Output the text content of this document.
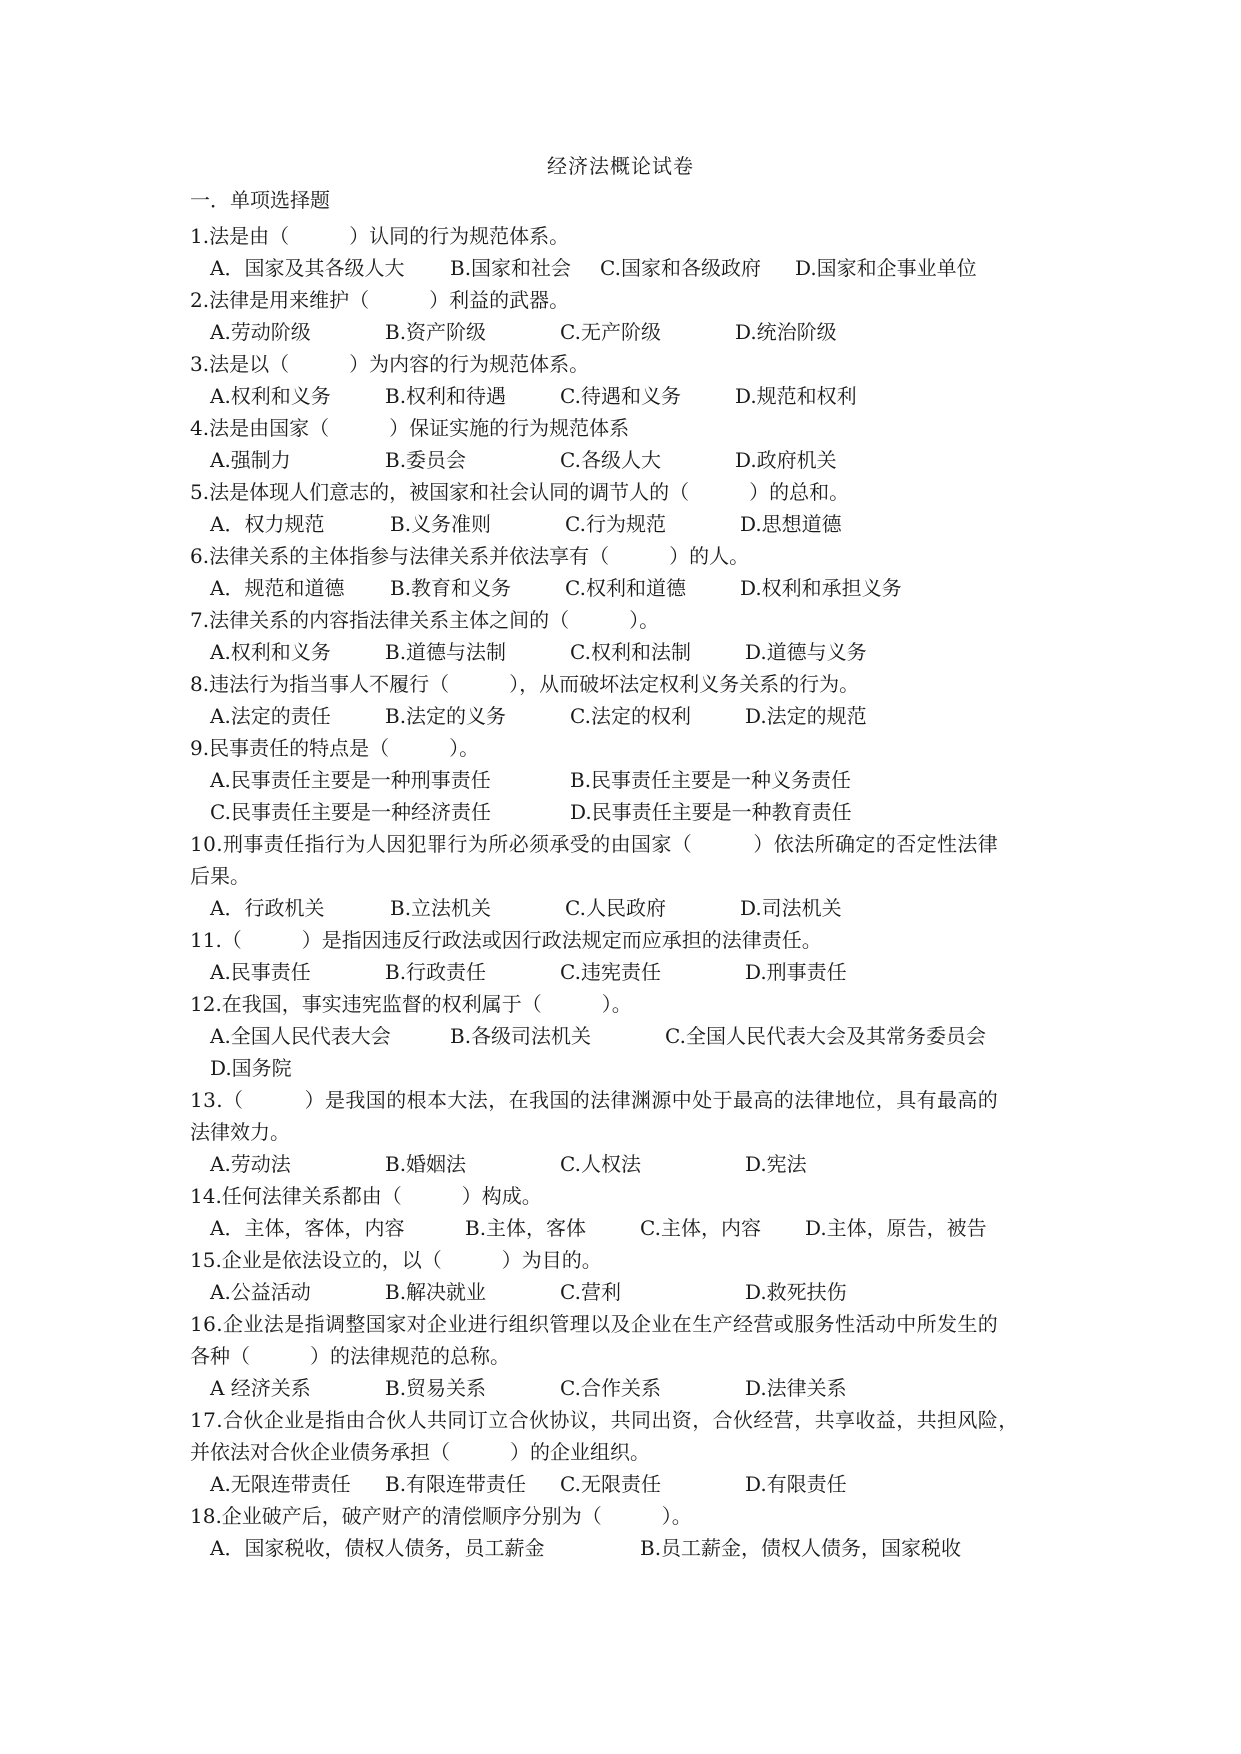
经济法概论试卷
一．单项选择题
1.法是由（　　　）认同的行为规范体系。
A．国家及其各级人大 B.国家和社会 C.国家和各级政府 D.国家和企事业单位
2.法律是用来维护（　　　）利益的武器。
A.劳动阶级	B.资产阶级	C.无产阶级	D.统治阶级
3.法是以（　　　）为内容的行为规范体系。
A.权利和义务	B.权利和待遇	C.待遇和义务	D.规范和权利
4.法是由国家（　　　）保证实施的行为规范体系
A.强制力	B.委员会	C.各级人大	D.政府机关
5.法是体现人们意志的，被国家和社会认同的调节人的（　　　）的总和。
A．权力规范	B.义务准则	C.行为规范	D.思想道德
6.法律关系的主体指参与法律关系并依法享有（　　　）的人。
A．规范和道德 B.教育和义务	C.权利和道德	D.权利和承担义务
7.法律关系的内容指法律关系主体之间的（　　　）。
A.权利和义务	B.道德与法制	C.权利和法制	D.道德与义务
8.违法行为指当事人不履行（　　　），从而破坏法定权利义务关系的行为。
A.法定的责任	B.法定的义务	C.法定的权利	D.法定的规范
9.民事责任的特点是（　　　）。
A.民事责任主要是一种刑事责任	B.民事责任主要是一种义务责任
C.民事责任主要是一种经济责任	D.民事责任主要是一种教育责任
10.刑事责任指行为人因犯罪行为所必须承受的由国家（　　　）依法所确定的否定性法律
后果。
A．行政机关	B.立法机关	C.人民政府	D.司法机关
11.（　　　）是指因违反行政法或因行政法规定而应承担的法律责任。
A.民事责任	B.行政责任	C.违宪责任	D.刑事责任
12.在我国，事实违宪监督的权利属于（　　　）。
A.全国人民代表大会	B.各级司法机关	C.全国人民代表大会及其常务委员会
D.国务院
13.（　　　）是我国的根本大法，在我国的法律渊源中处于最高的法律地位，具有最高的
法律效力。
A.劳动法	B.婚姻法	C.人权法	D.宪法
14.任何法律关系都由（　　　）构成。
A．主体，客体，内容	B.主体，客体	C.主体，内容 D.主体，原告，被告
15.企业是依法设立的，以（　　　）为目的。
A.公益活动	B.解决就业	C.营利	D.救死扶伤
16.企业法是指调整国家对企业进行组织管理以及企业在生产经营或服务性活动中所发生的
各种（　　　）的法律规范的总称。
A 经济关系	B.贸易关系	C.合作关系	D.法律关系
17.合伙企业是指由合伙人共同订立合伙协议，共同出资，合伙经营，共享收益，共担风险，
并依法对合伙企业债务承担（　　　）的企业组织。
A.无限连带责任 B.有限连带责任 C.无限责任	D.有限责任
18.企业破产后，破产财产的清偿顺序分别为（　　　）。
A．国家税收，债权人债务，员工薪金	B.员工薪金，债权人债务，国家税收
